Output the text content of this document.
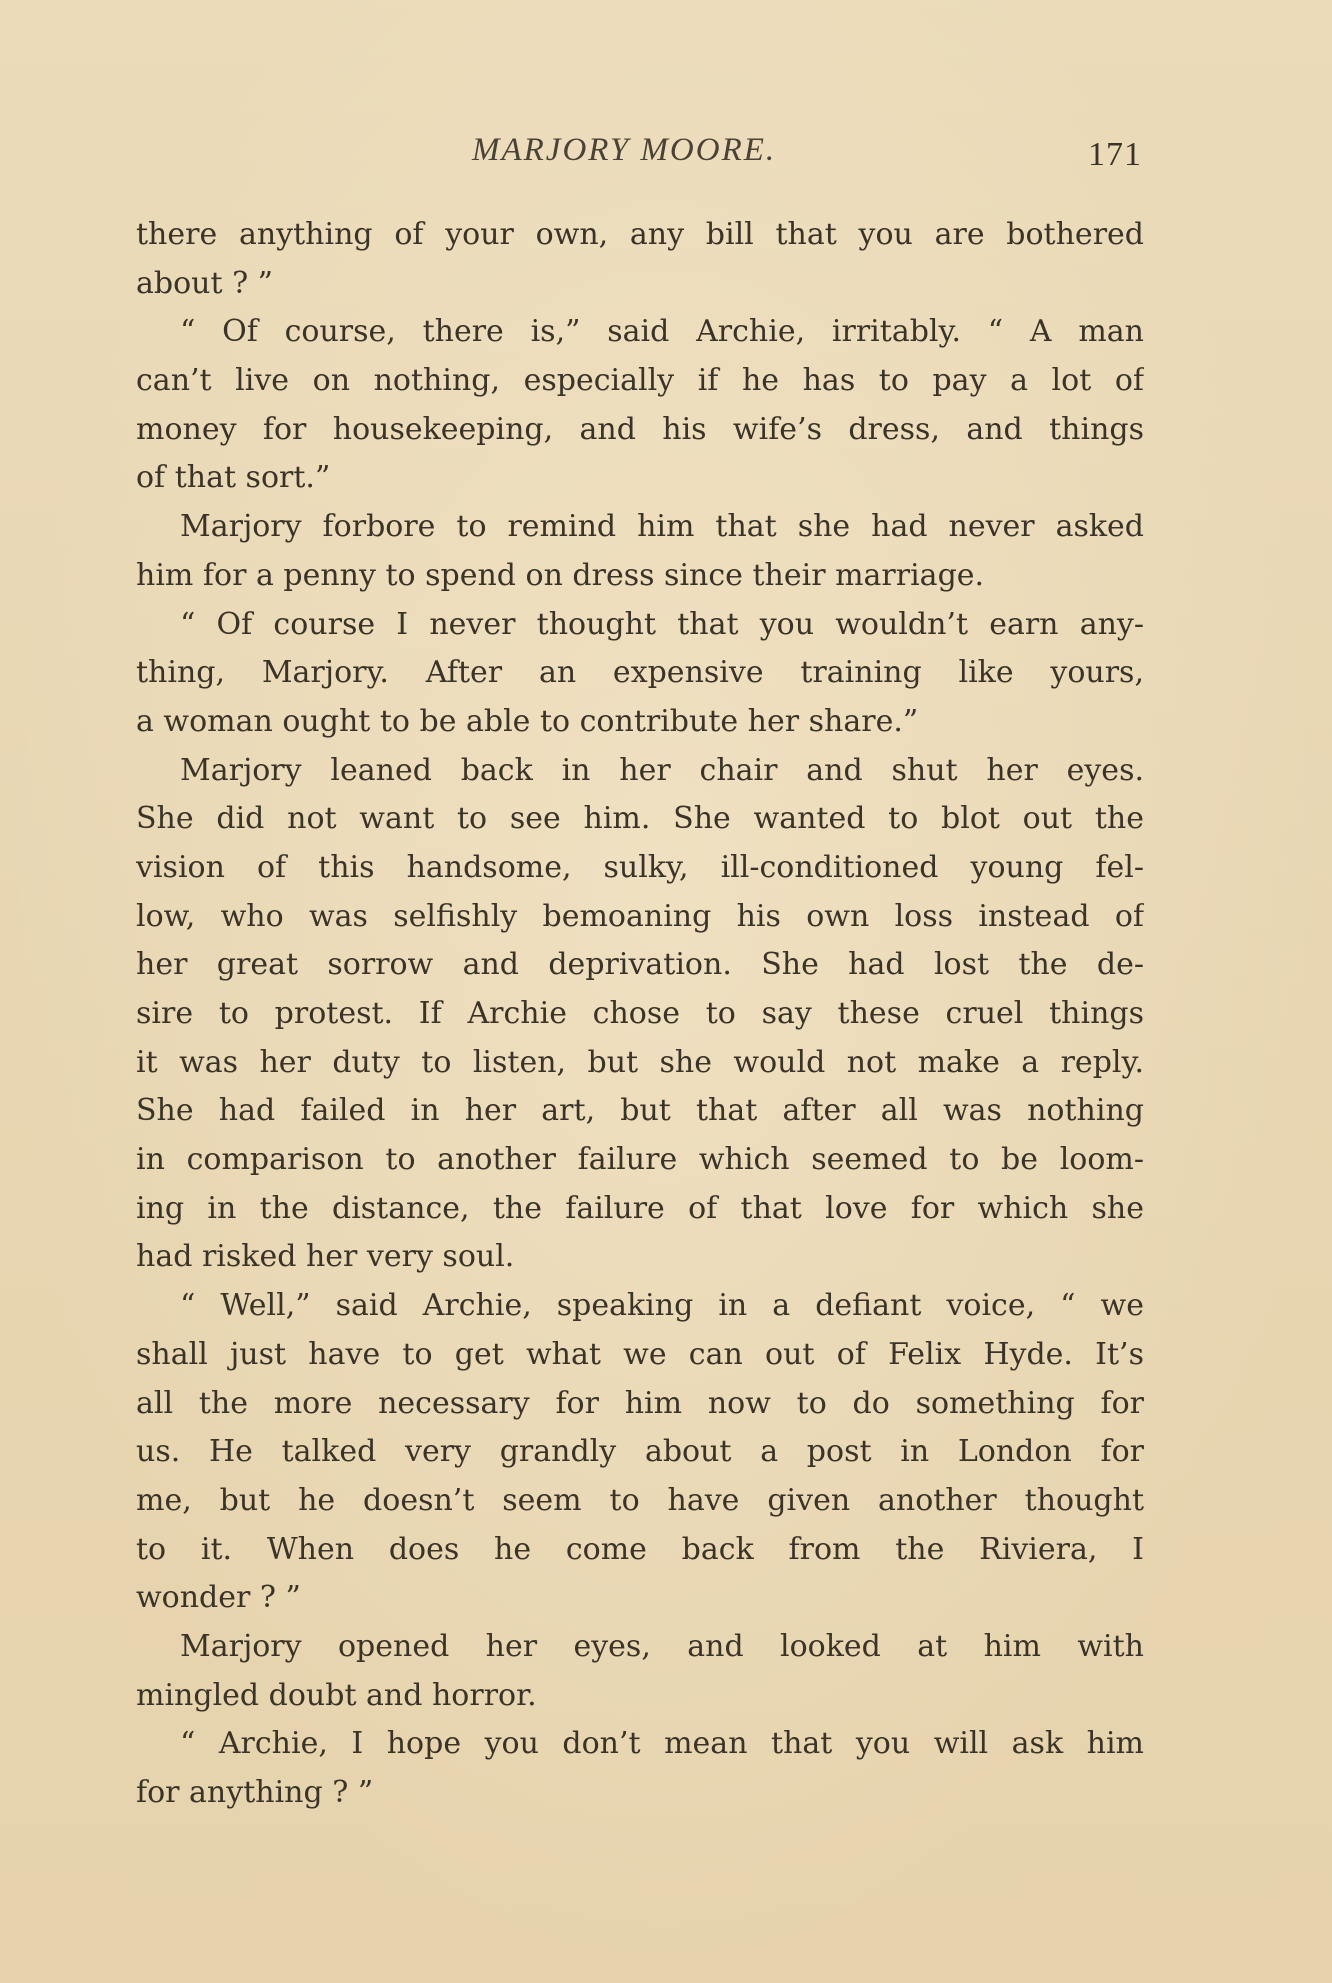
MARJORY MOORE.	171
there anything of your own, any bill that you are bothered
about ? ”
“ Of course, there is,” said Archie, irritably. “ A man
can’t live on nothing, especially if he has to pay a lot of
money for housekeeping, and his wife’s dress, and things
of that sort.”
Marjory forbore to remind him that she had never asked
him for a penny to spend on dress since their marriage.
“ Of course I never thought that you wouldn’t earn any-
thing, Marjory. After an expensive training like yours,
a woman ought to be able to contribute her share.”
Marjory leaned back in her chair and shut her eyes.
She did not want to see him. She wanted to blot out the
vision of this handsome, sulky, ill-conditioned young fel-
low, who was selfishly bemoaning his own loss instead of
her great sorrow and deprivation. She had lost the de-
sire to protest. If Archie chose to say these cruel things
it was her duty to listen, but she would not make a reply.
She had failed in her art, but that after all was nothing
in comparison to another failure which seemed to be loom-
ing in the distance, the failure of that love for which she
had risked her very soul.
“ Well,” said Archie, speaking in a defiant voice, “ we
shall just have to get what we can out of Felix Hyde. It’s
all the more necessary for him now to do something for
us. He talked very grandly about a post in London for
me, but he doesn’t seem to have given another thought
to it. When does he come back from the Riviera, I
wonder ? ”
Marjory opened her eyes, and looked at him with
mingled doubt and horror.
“ Archie, I hope you don’t mean that you will ask him
for anything ? ”
